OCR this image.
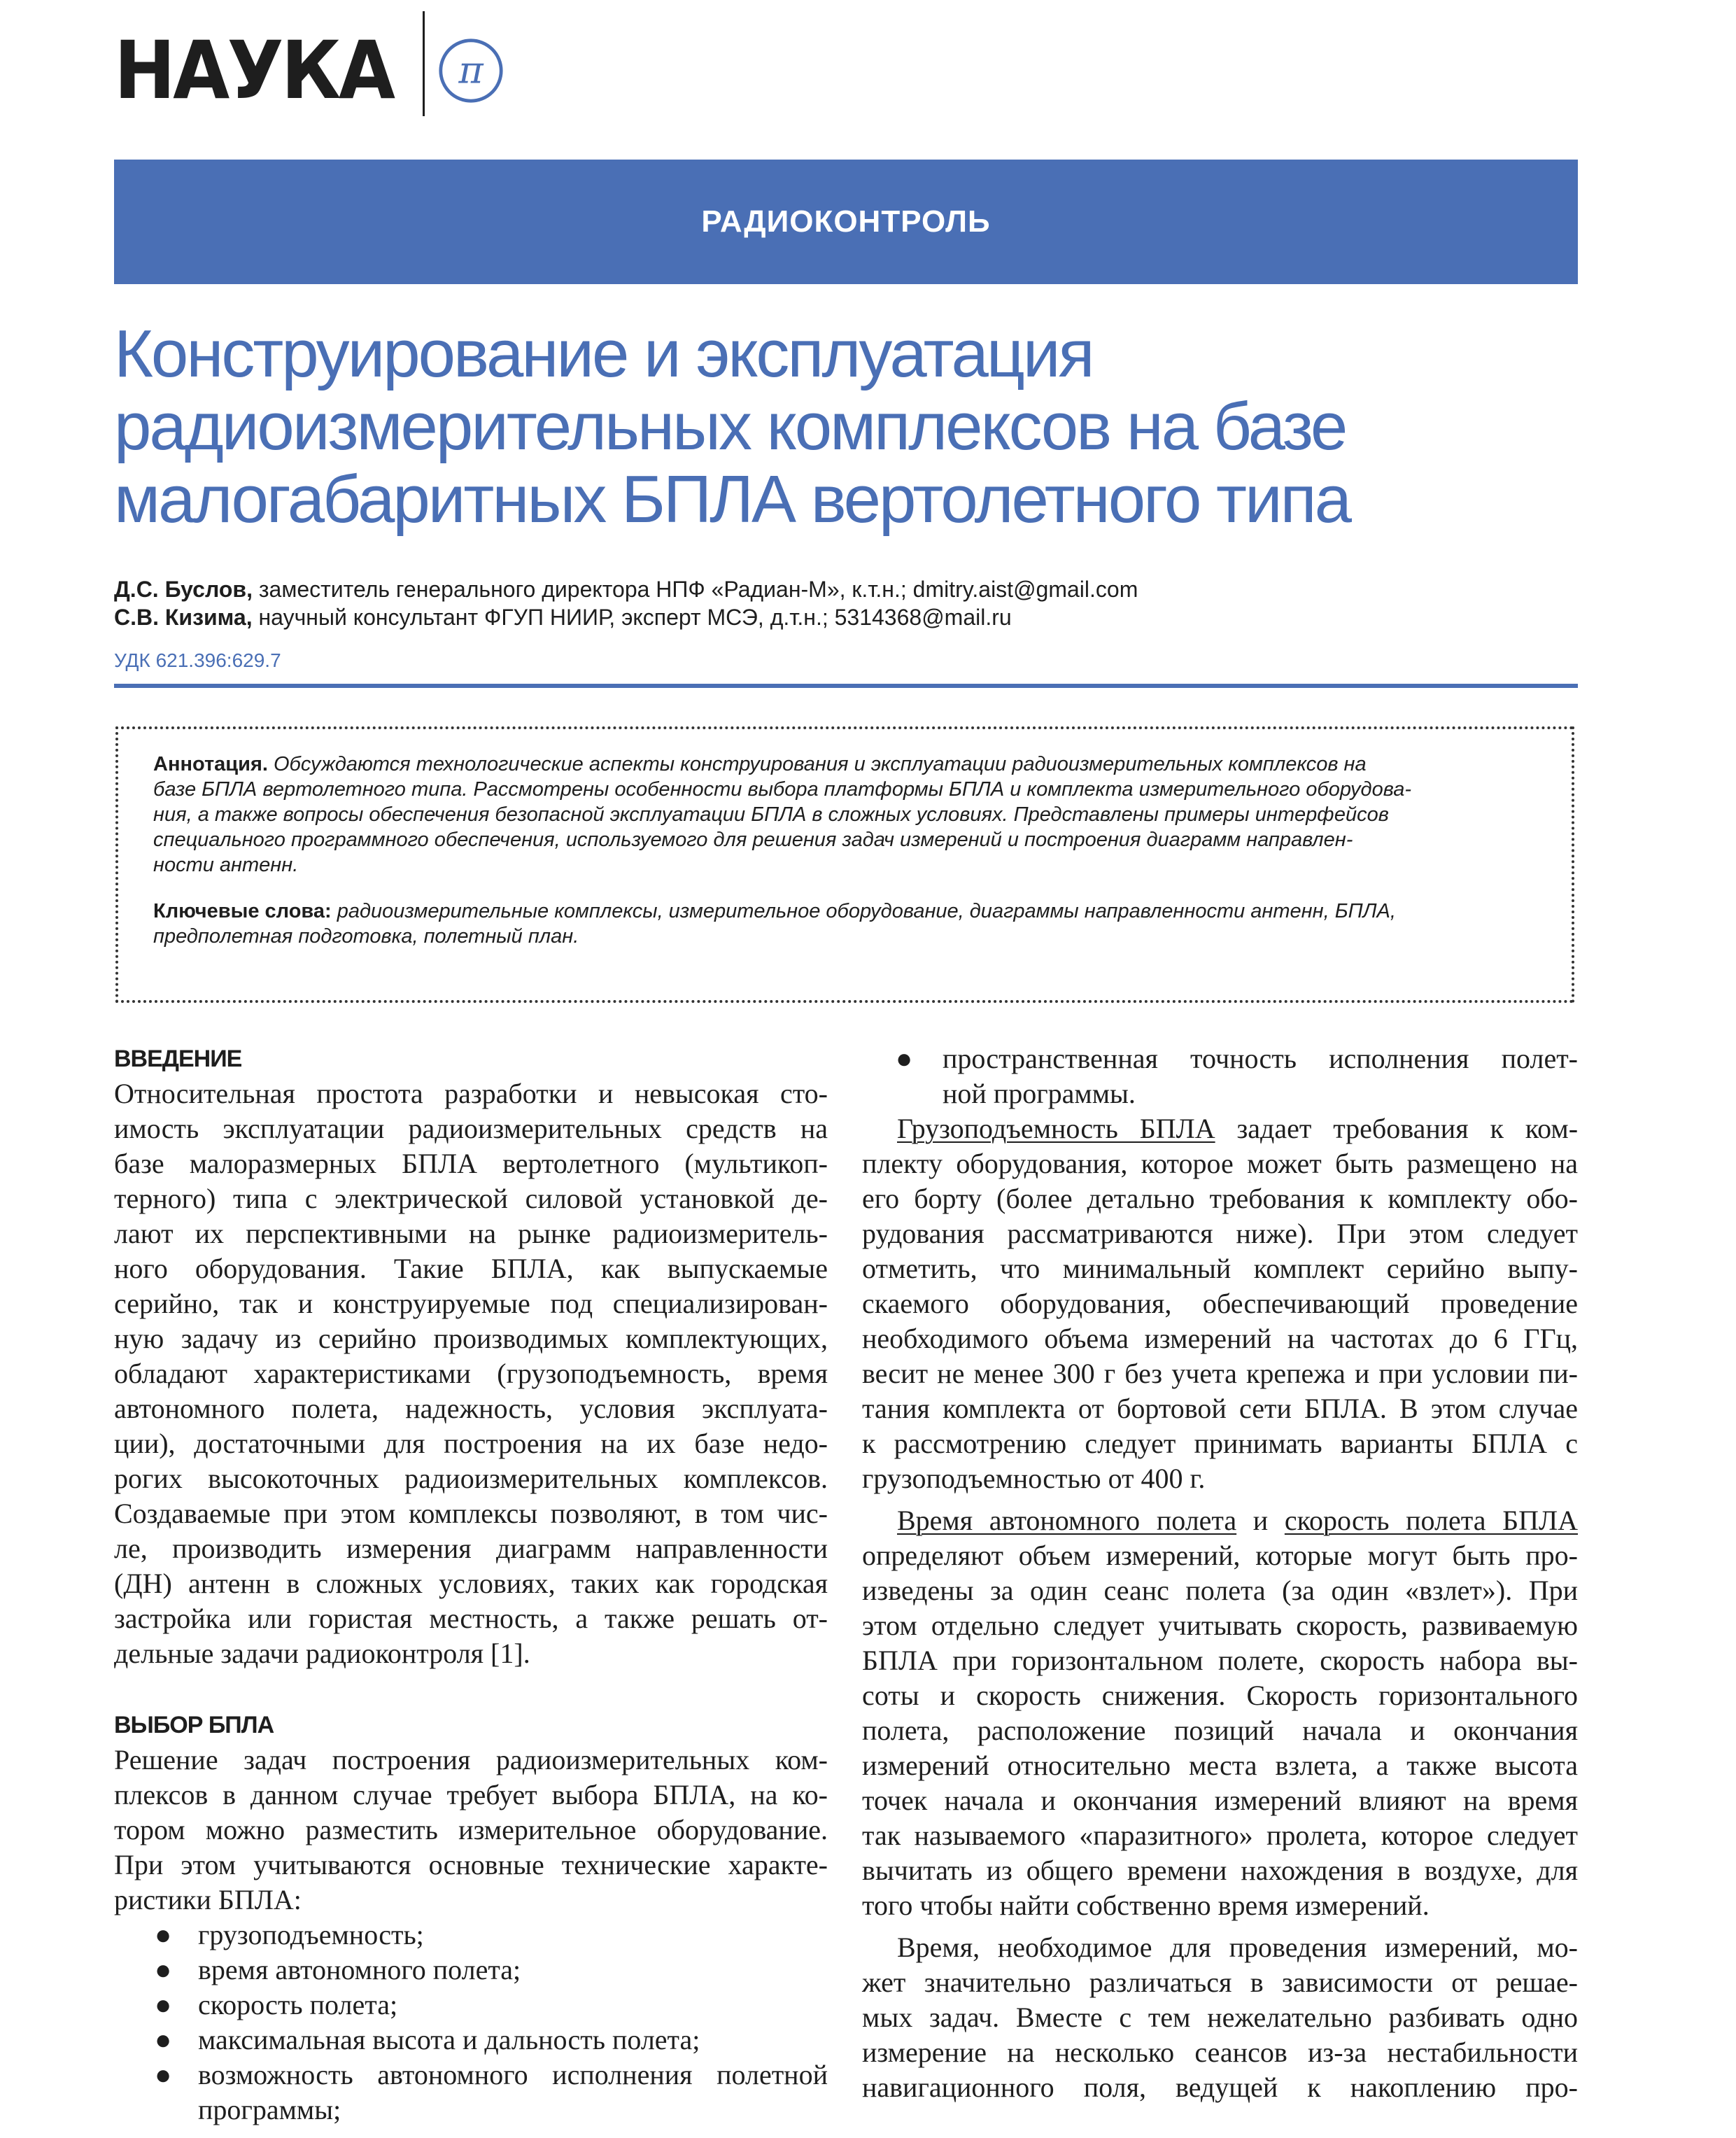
НАУКА π
РАДИОКОНТРОЛЬ
Конструирование и эксплуатация
радиоизмерительных комплексов на базе
малогабаритных БПЛА вертолетного типа
Д.С. Буслов, заместитель генерального директора НПФ «Радиан-М», к.т.н.; dmitry.aist@gmail.com
С.В. Кизима, научный консультант ФГУП НИИР, эксперт МСЭ, д.т.н.; 5314368@mail.ru
УДК 621.396:629.7

Аннотация. Обсуждаются технологические аспекты конструирования и эксплуатации радиоизмерительных комплексов на
базе БПЛА вертолетного типа. Рассмотрены особенности выбора платформы БПЛА и комплекта измерительного оборудова-
ния, а также вопросы обеспечения безопасной эксплуатации БПЛА в сложных условиях. Представлены примеры интерфейсов
специального программного обеспечения, используемого для решения задач измерений и построения диаграмм направлен-
ности антенн.

Ключевые слова: радиоизмерительные комплексы, измерительное оборудование, диаграммы направленности антенн, БПЛА,
предполетная подготовка, полетный план.

ВВЕДЕНИЕ
Относительная простота разработки и невысокая сто-
имость эксплуатации радиоизмерительных средств на
базе малоразмерных БПЛА вертолетного (мультикоп-
терного) типа с электрической силовой установкой де-
лают их перспективными на рынке радиоизмеритель-
ного оборудования. Такие БПЛА, как выпускаемые
серийно, так и конструируемые под специализирован-
ную задачу из серийно производимых комплектующих,
обладают характеристиками (грузоподъемность, время
автономного полета, надежность, условия эксплуата-
ции), достаточными для построения на их базе недо-
рогих высокоточных радиоизмерительных комплексов.
Создаваемые при этом комплексы позволяют, в том чис-
ле, производить измерения диаграмм направленности
(ДН) антенн в сложных условиях, таких как городская
застройка или гористая местность, а также решать от-
дельные задачи радиоконтроля [1].
ВЫБОР БПЛА
Решение задач построения радиоизмерительных ком-
плексов в данном случае требует выбора БПЛА, на ко-
тором можно разместить измерительное оборудование.
При этом учитываются основные технические характе-
ристики БПЛА:
● грузоподъемность;
● время автономного полета;
● скорость полета;
● максимальная высота и дальность полета;
● возможность автономного исполнения полетной
программы;
● пространственная точность исполнения полет-
ной программы.
Грузоподъемность БПЛА задает требования к ком-
плекту оборудования, которое может быть размещено на
его борту (более детально требования к комплекту обо-
рудования рассматриваются ниже). При этом следует
отметить, что минимальный комплект серийно выпу-
скаемого оборудования, обеспечивающий проведение
необходимого объема измерений на частотах до 6 ГГц,
весит не менее 300 г без учета крепежа и при условии пи-
тания комплекта от бортовой сети БПЛА. В этом случае
к рассмотрению следует принимать варианты БПЛА с
грузоподъемностью от 400 г.
Время автономного полета и скорость полета БПЛА
определяют объем измерений, которые могут быть про-
изведены за один сеанс полета (за один «взлет»). При
этом отдельно следует учитывать скорость, развиваемую
БПЛА при горизонтальном полете, скорость набора вы-
соты и скорость снижения. Скорость горизонтального
полета, расположение позиций начала и окончания
измерений относительно места взлета, а также высота
точек начала и окончания измерений влияют на время
так называемого «паразитного» пролета, которое следует
вычитать из общего времени нахождения в воздухе, для
того чтобы найти собственно время измерений.
Время, необходимое для проведения измерений, мо-
жет значительно различаться в зависимости от решае-
мых задач. Вместе с тем нежелательно разбивать одно
измерение на несколько сеансов из-за нестабильности
навигационного поля, ведущей к накоплению про-
